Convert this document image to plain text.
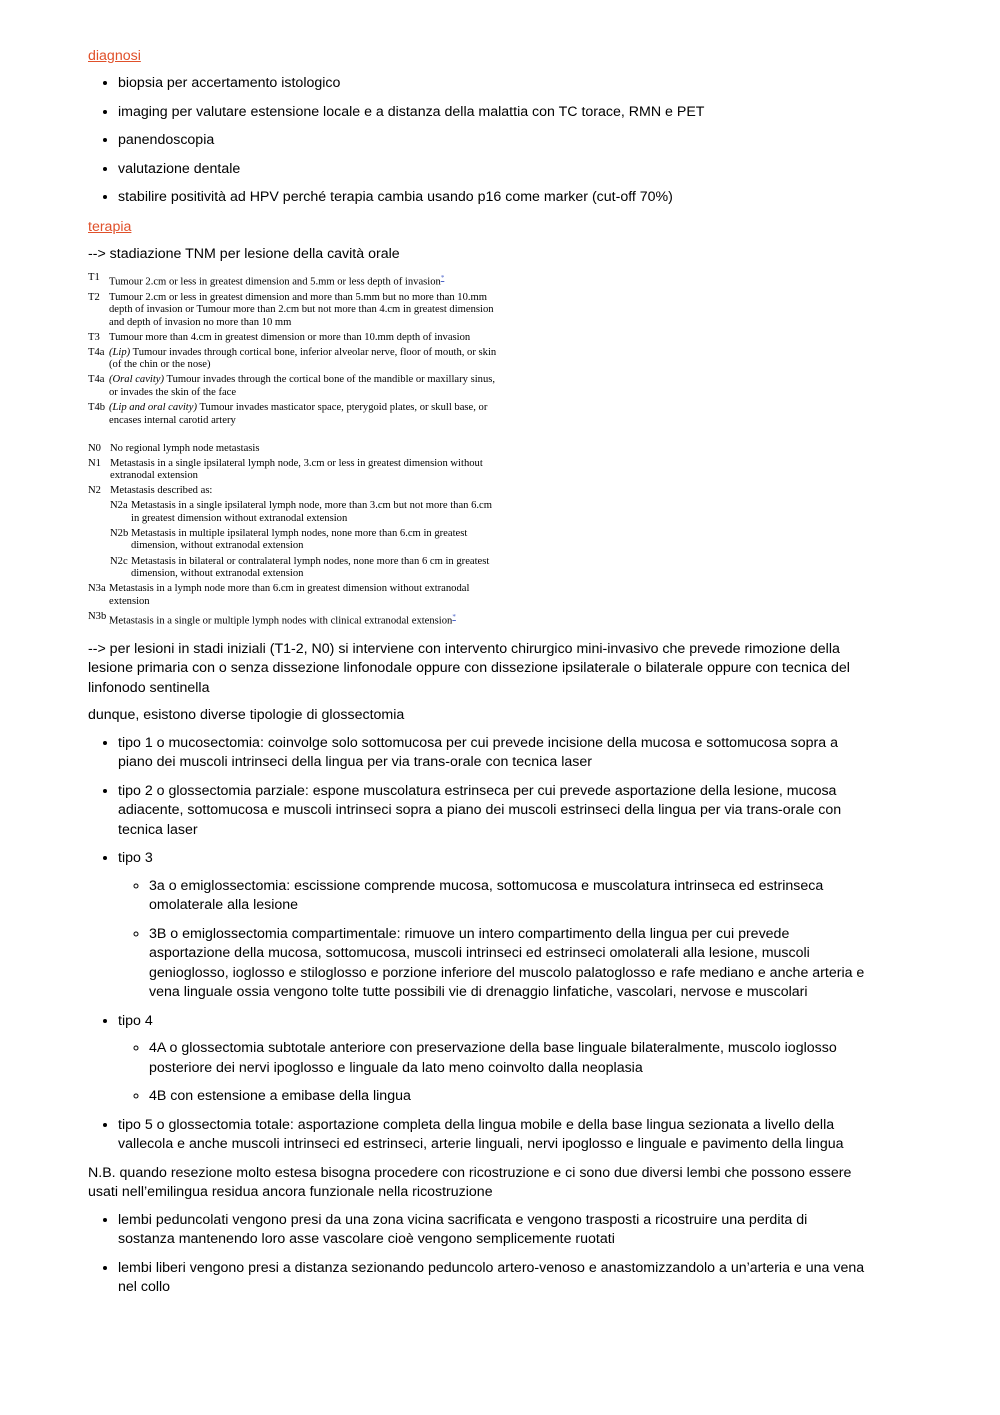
diagnosi
• biopsia per accertamento istologico
• imaging per valutare estensione locale e a distanza della malattia con TC torace, RMN e PET
• panendoscopia
• valutazione dentale
• stabilire positività ad HPV perché terapia cambia usando p16 come marker (cut-off 70%)
terapia

--> stadiazione TNM per lesione della cavità orale

T1 Tumour 2.cm or less in greatest dimension and 5.mm or less depth of invasion*
T2 Tumour 2.cm or less in greatest dimension and more than 5.mm but no more than 10.mm depth of invasion or Tumour more than 2.cm but not more than 4.cm in greatest dimension and depth of invasion no more than 10 mm
T3 Tumour more than 4.cm in greatest dimension or more than 10.mm depth of invasion
T4a (Lip) Tumour invades through cortical bone, inferior alveolar nerve, floor of mouth, or skin (of the chin or the nose)
T4a (Oral cavity) Tumour invades through the cortical bone of the mandible or maxillary sinus, or invades the skin of the face
T4b (Lip and oral cavity) Tumour invades masticator space, pterygoid plates, or skull base, or encases internal carotid artery
N0 No regional lymph node metastasis
N1 Metastasis in a single ipsilateral lymph node, 3.cm or less in greatest dimension without extranodal extension
N2 Metastasis described as:
N2a Metastasis in a single ipsilateral lymph node, more than 3.cm but not more than 6.cm in greatest dimension without extranodal extension
N2b Metastasis in multiple ipsilateral lymph nodes, none more than 6.cm in greatest dimension, without extranodal extension
N2c Metastasis in bilateral or contralateral lymph nodes, none more than 6 cm in greatest dimension, without extranodal extension
N3a Metastasis in a lymph node more than 6.cm in greatest dimension without extranodal extension
N3b Metastasis in a single or multiple lymph nodes with clinical extranodal extension*

--> per lesioni in stadi iniziali (T1-2, N0) si interviene con intervento chirurgico mini-invasivo che prevede rimozione della lesione primaria con o senza dissezione linfonodale oppure con dissezione ipsilaterale o bilaterale oppure con tecnica del linfonodo sentinella

dunque, esistono diverse tipologie di glossectomia

• tipo 1 o mucosectomia: coinvolge solo sottomucosa per cui prevede incisione della mucosa e sottomucosa sopra a piano dei muscoli intrinseci della lingua per via trans-orale con tecnica laser
• tipo 2 o glossectomia parziale: espone muscolatura estrinseca per cui prevede asportazione della lesione, mucosa adiacente, sottomucosa e muscoli intrinseci sopra a piano dei muscoli estrinseci della lingua per via trans-orale con tecnica laser
• tipo 3
◦ 3a o emiglossectomia: escissione comprende mucosa, sottomucosa e muscolatura intrinseca ed estrinseca omolaterale alla lesione
◦ 3B o emiglossectomia compartimentale: rimuove un intero compartimento della lingua per cui prevede asportazione della mucosa, sottomucosa, muscoli intrinseci ed estrinseci omolaterali alla lesione, muscoli genioglosso, ioglosso e stiloglosso e porzione inferiore del muscolo palatoglosso e rafe mediano e anche arteria e vena linguale ossia vengono tolte tutte possibili vie di drenaggio linfatiche, vascolari, nervose e muscolari
• tipo 4
◦ 4A o glossectomia subtotale anteriore con preservazione della base linguale bilateralmente, muscolo ioglosso posteriore dei nervi ipoglosso e linguale da lato meno coinvolto dalla neoplasia
◦ 4B con estensione a emibase della lingua
• tipo 5 o glossectomia totale: asportazione completa della lingua mobile e della base lingua sezionata a livello della vallecola e anche muscoli intrinseci ed estrinseci, arterie linguali, nervi ipoglosso e linguale e pavimento della lingua

N.B. quando resezione molto estesa bisogna procedere con ricostruzione e ci sono due diversi lembi che possono essere usati nell’emilingua residua ancora funzionale nella ricostruzione

• lembi peduncolati vengono presi da una zona vicina sacrificata e vengono trasposti a ricostruire una perdita di sostanza mantenendo loro asse vascolare cioè vengono semplicemente ruotati
• lembi liberi vengono presi a distanza sezionando peduncolo artero-venoso e anastomizzandolo a un’arteria e una vena nel collo
